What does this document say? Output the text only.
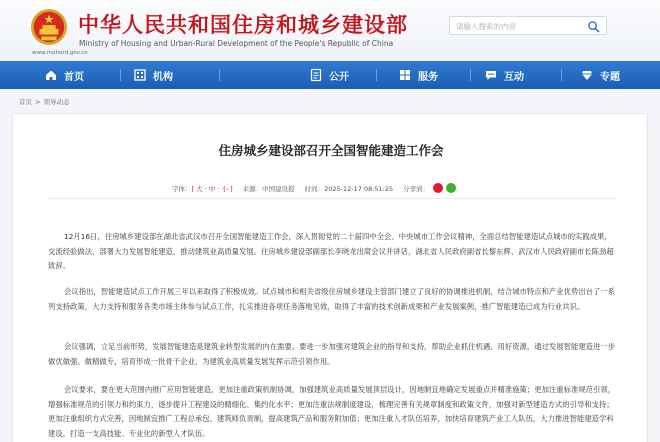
中华人民共和国住房和城乡建设部
Ministry of Housing and Urban-Rural Development of the People's Republic of China
www.mohurd.gov.cn
请输入搜索的内容
首页	机构	公开	服务	互动	专题
首页 > 领导动态
住房城乡建设部召开全国智能建造工作会
字体： [ 大 · 中 · 小 ] 来源：中国建设报 时间：2025-12-17 08:51:25 分享到：

12月16日，住房城乡建设部在湖北省武汉市召开全国智能建造工作会，深入贯彻党的二十届四中全会、中央城市工作会议精神，全面总结智能建造试点城市的实践成果，交流经验做法，部署大力发展智能建造，推动建筑业高质量发展。住房城乡建设部副部长李晓龙出席会议并讲话，湖北省人民政府副省长黎东辉、武汉市人民政府副市长陈劲超致辞。

会议指出，智能建造试点工作开展三年以来取得了积极成效。试点城市和相关省级住房城乡建设主管部门建立了良好的协调推进机制，结合城市特点和产业优势出台了一系列支持政策，大力支持和服务各类市场主体参与试点工作，扎实推进各项任务落地见效，取得了丰富的技术创新成果和产业发展案例，推广智能建造已成为行业共识。

会议强调，立足当前形势，发展智能建造是建筑业转型发展的内在需要。要进一步加强对建筑企业的指导和支持，帮助企业抓住机遇、用好资源，通过发展智能建造进一步做优做强、做精做专，培育形成一批骨干企业，为建筑业高质量发展发挥示范引领作用。

会议要求，要在更大范围内推广应用智能建造，更加注重政策机制协调，加强建筑业高质量发展顶层设计，因地制宜地确定发展重点并精准施策；更加注重标准规范引领，增强标准规范的引领力和约束力，逐步提升工程建设的精细化、集约化水平；更加注重法规制度建设，梳理完善有关规章制度和政策文件，加强对新型建造方式的引导和支持；更加注重组织方式完善，因地制宜推广工程总承包、建筑师负责制，提高建筑产品和服务附加值；更加注重人才队伍培养，加快培育建筑产业工人队伍，大力推进智能建造学科建设，打造一支高技能、专业化的新型人才队伍。
